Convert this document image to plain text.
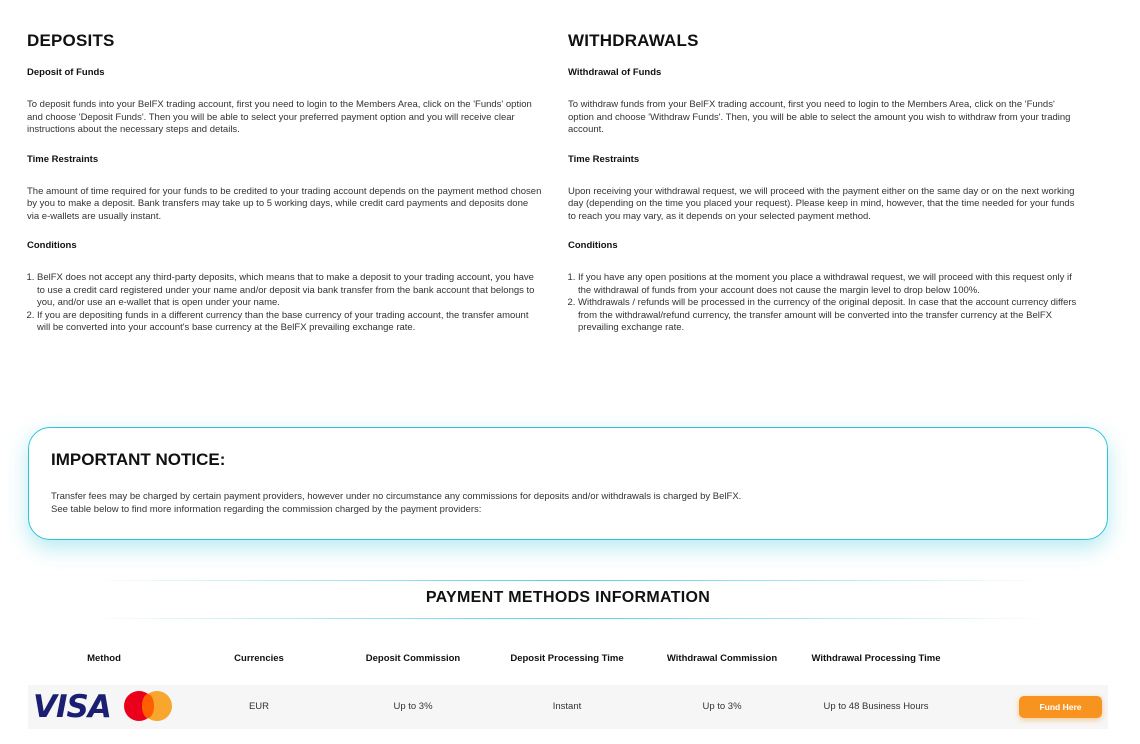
DEPOSITS
Deposit of Funds

To deposit funds into your BelFX trading account, first you need to login to the Members Area, click on the 'Funds' option and choose 'Deposit Funds'. Then you will be able to select your preferred payment option and you will receive clear instructions about the necessary steps and details.

Time Restraints

The amount of time required for your funds to be credited to your trading account depends on the payment method chosen by you to make a deposit. Bank transfers may take up to 5 working days, while credit card payments and deposits done via e-wallets are usually instant.

Conditions
1. BelFX does not accept any third-party deposits, which means that to make a deposit to your trading account, you have to use a credit card registered under your name and/or deposit via bank transfer from the bank account that belongs to you, and/or use an e-wallet that is open under your name.
2. If you are depositing funds in a different currency than the base currency of your trading account, the transfer amount will be converted into your account's base currency at the BelFX prevailing exchange rate.
WITHDRAWALS
Withdrawal of Funds

To withdraw funds from your BelFX trading account, first you need to login to the Members Area, click on the 'Funds' option and choose 'Withdraw Funds'. Then, you will be able to select the amount you wish to withdraw from your trading account.

Time Restraints

Upon receiving your withdrawal request, we will proceed with the payment either on the same day or on the next working day (depending on the time you placed your request). Please keep in mind, however, that the time needed for your funds to reach you may vary, as it depends on your selected payment method.

Conditions
1. If you have any open positions at the moment you place a withdrawal request, we will proceed with this request only if the withdrawal of funds from your account does not cause the margin level to drop below 100%.
2. Withdrawals / refunds will be processed in the currency of the original deposit. In case that the account currency differs from the withdrawal/refund currency, the transfer amount will be converted into the transfer currency at the BelFX prevailing exchange rate.
IMPORTANT NOTICE:

Transfer fees may be charged by certain payment providers, however under no circumstance any commissions for deposits and/or withdrawals is charged by BelFX.

See table below to find more information regarding the commission charged by the payment providers:

PAYMENT METHODS INFORMATION
Method	Currencies	Deposit Commission	Deposit Processing Time	Withdrawal Commission	Withdrawal Processing Time
VISA	EUR	Up to 3%	Instant	Up to 3%	Up to 48 Business Hours	Fund Here
